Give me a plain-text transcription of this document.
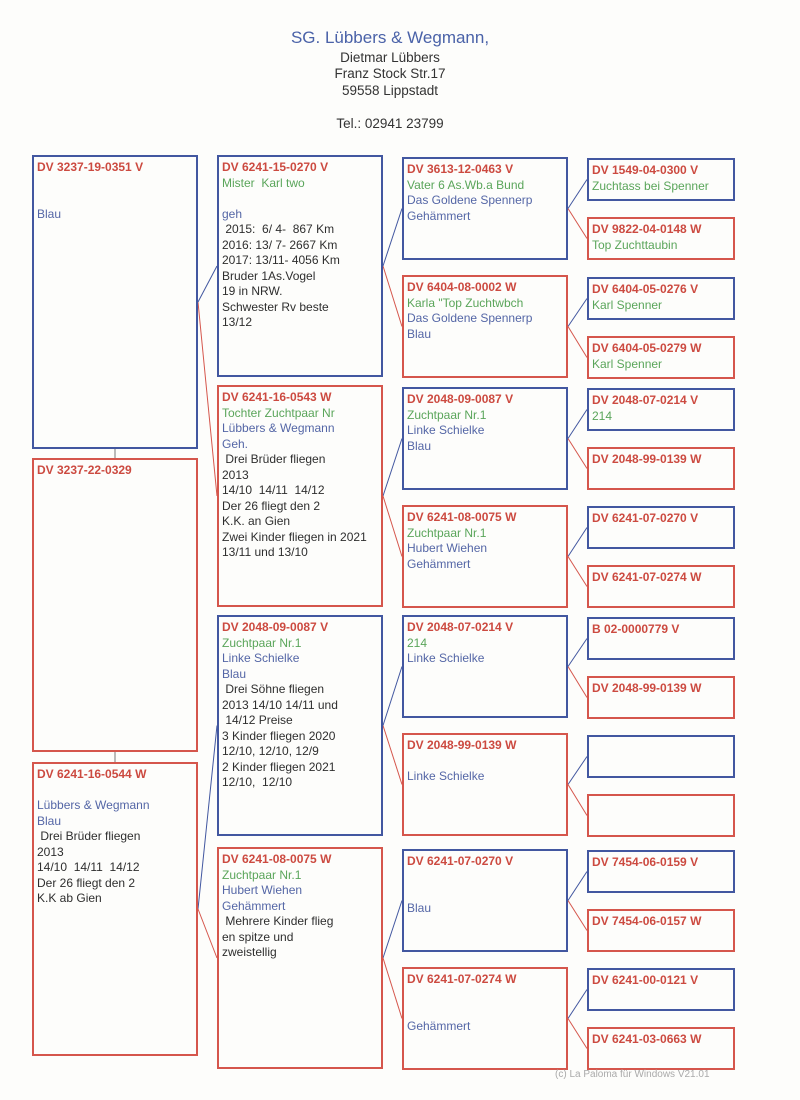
SG. Lübbers & Wegmann,
Dietmar Lübbers
Franz Stock Str.17
59558 Lippstadt
Tel.: 02941 23799
DV 3237-19-0351 V
Blau
DV 3237-22-0329
DV 6241-16-0544 W
Lübbers & Wegmann
Blau
Drei Brüder fliegen
2013
14/10  14/11  14/12
Der 26 fliegt den 2
K.K ab Gien
DV 6241-15-0270 V
Mister  Karl two
geh
2015:  6/ 4-  867 Km
2016: 13/ 7- 2667 Km
2017: 13/11- 4056 Km
Bruder 1As.Vogel
19 in NRW.
Schwester Rv beste
13/12
DV 6241-16-0543 W
Tochter Zuchtpaar Nr
Lübbers & Wegmann
Geh.
Drei Brüder fliegen
2013
14/10  14/11  14/12
Der 26 fliegt den 2
K.K. an Gien
Zwei Kinder fliegen in 2021
13/11 und 13/10
DV 2048-09-0087 V
Zuchtpaar Nr.1
Linke Schielke
Blau
Drei Söhne fliegen
2013 14/10 14/11 und
14/12 Preise
3 Kinder fliegen 2020
12/10, 12/10, 12/9
2 Kinder fliegen 2021
12/10,  12/10
DV 6241-08-0075 W
Zuchtpaar Nr.1
Hubert Wiehen
Gehämmert
Mehrere Kinder flieg
en spitze und
zweistellig
DV 3613-12-0463 V
Vater 6 As.Wb.a Bund
Das Goldene Spennerp
Gehämmert
DV 6404-08-0002 W
Karla "Top Zuchtwbch
Das Goldene Spennerp
Blau
DV 2048-09-0087 V
Zuchtpaar Nr.1
Linke Schielke
Blau
DV 6241-08-0075 W
Zuchtpaar Nr.1
Hubert Wiehen
Gehämmert
DV 2048-07-0214 V
214
Linke Schielke
DV 2048-99-0139 W
Linke Schielke
DV 6241-07-0270 V
Blau
DV 6241-07-0274 W
Gehämmert
DV 1549-04-0300 V
Zuchtass bei Spenner
DV 9822-04-0148 W
Top Zuchttaubin
DV 6404-05-0276 V
Karl Spenner
DV 6404-05-0279 W
Karl Spenner
DV 2048-07-0214 V
214
DV 2048-99-0139 W
DV 6241-07-0270 V
DV 6241-07-0274 W
B 02-0000779 V
DV 2048-99-0139 W
DV 7454-06-0159 V
DV 7454-06-0157 W
DV 6241-00-0121 V
DV 6241-03-0663 W
(c) La Paloma für Windows V21.01
